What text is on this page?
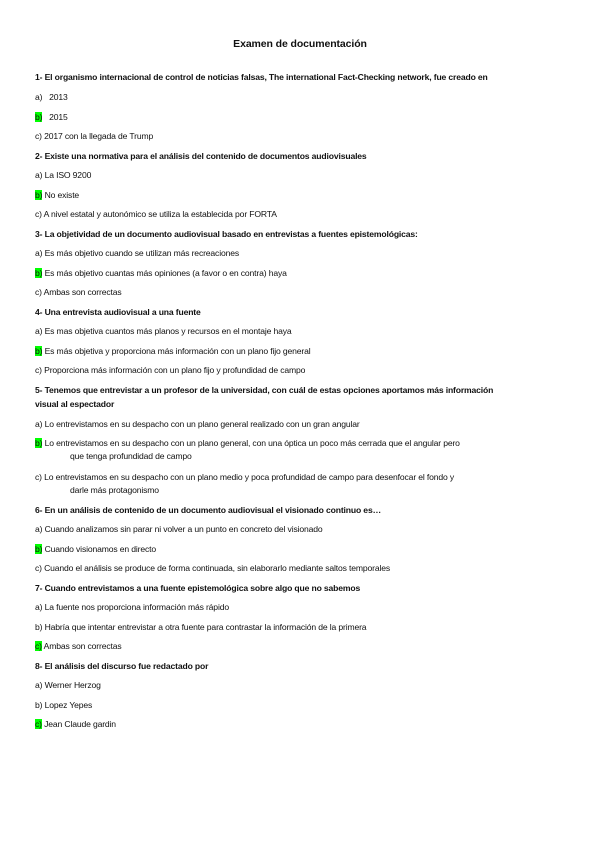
Examen de documentación
1- El organismo internacional de control de noticias falsas, The international Fact-Checking network, fue creado en
a) 2013
b) 2015
c) 2017 con la llegada de Trump
2- Existe una normativa para el análisis del contenido de documentos audiovisuales
a) La ISO 9200
b) No existe
c) A nivel estatal y autonómico se utiliza la establecida por FORTA
3- La objetividad de un documento audiovisual basado en entrevistas a fuentes epistemológicas:
a) Es más objetivo cuando se utilizan más recreaciones
b) Es más objetivo cuantas más opiniones (a favor o en contra) haya
c) Ambas son correctas
4- Una entrevista audiovisual a una fuente
a) Es mas objetiva cuantos más planos y recursos en el montaje haya
b) Es más objetiva y proporciona más información con un plano fijo general
c) Proporciona más información con un plano fijo y profundidad de campo
5- Tenemos que entrevistar a un profesor de la universidad, con cuál de estas opciones aportamos más información
visual al espectador
a) Lo entrevistamos en su despacho con un plano general realizado con un gran angular
b) Lo entrevistamos en su despacho con un plano general, con una óptica un poco más cerrada que el angular pero
que tenga profundidad de campo
c) Lo entrevistamos en su despacho con un plano medio y poca profundidad de campo para desenfocar el fondo y
darle más protagonismo
6- En un análisis de contenido de un documento audiovisual el visionado continuo es…
a) Cuando analizamos sin parar ni volver a un punto en concreto del visionado
b) Cuando visionamos en directo
c) Cuando el análisis se produce de forma continuada, sin elaborarlo mediante saltos temporales
7- Cuando entrevistamos a una fuente epistemológica sobre algo que no sabemos
a) La fuente nos proporciona información más rápido
b) Habría que intentar entrevistar a otra fuente para contrastar la información de la primera
c) Ambas son correctas
8- El análisis del discurso fue redactado por
a) Werner Herzog
b) Lopez Yepes
c) Jean Claude gardin
